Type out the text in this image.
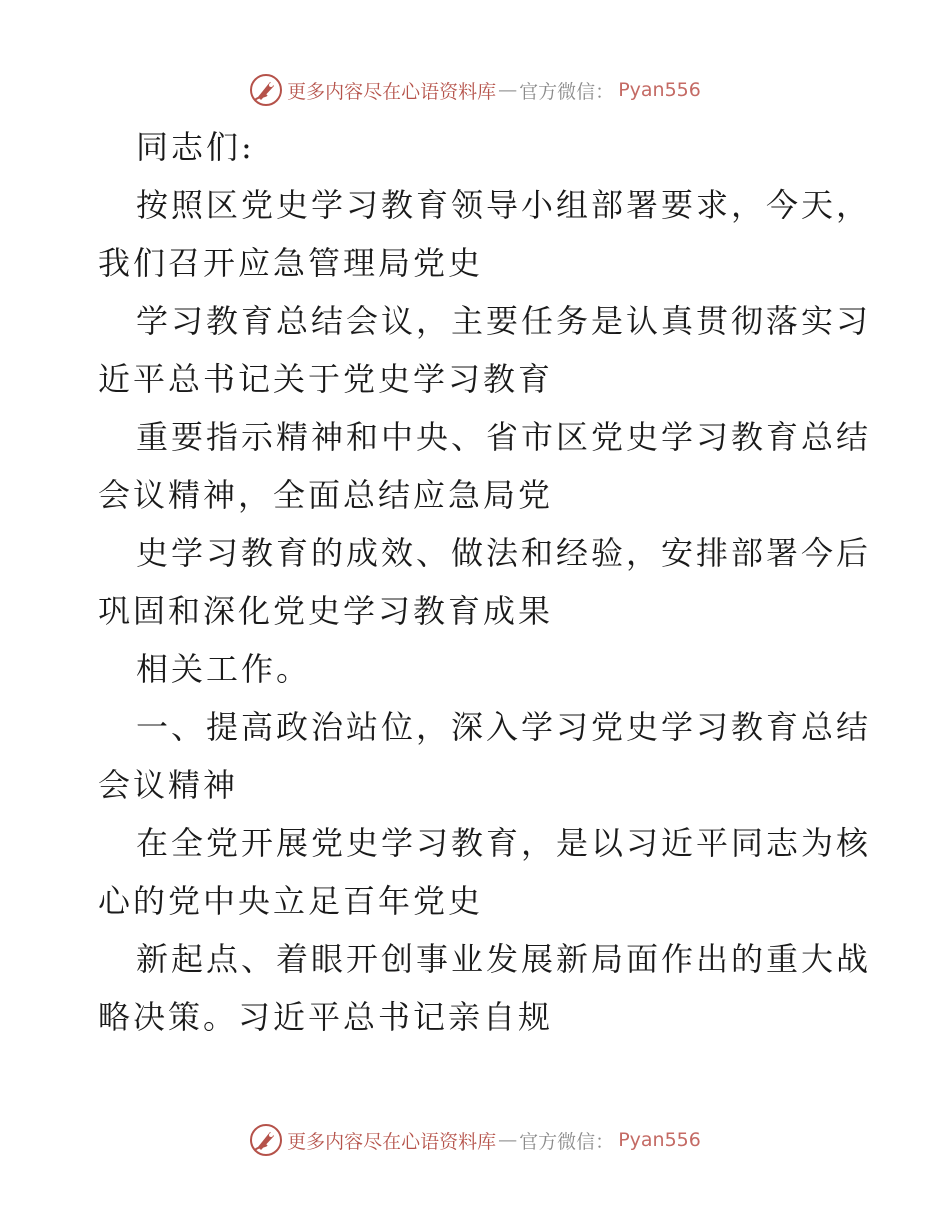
更多内容尽在心语资料库 — 官方微信 ： Pyan556
同志们:
按照区党史学习教育领导小组部署要求，今天，
我们召开应急管理局党史
学习教育总结会议，主要任务是认真贯彻落实习
近平总书记关于党史学习教育
重要指示精神和中央、省市区党史学习教育总结
会议精神，全面总结应急局党
史学习教育的成效、做法和经验，安排部署今后
巩固和深化党史学习教育成果
相关工作。
一、提高政治站位，深入学习党史学习教育总结
会议精神
在全党开展党史学习教育，是以习近平同志为核
心的党中央立足百年党史
新起点、着眼开创事业发展新局面作出的重大战
略决策。习近平总书记亲自规
更多内容尽在心语资料库 — 官方微信 ： Pyan556
